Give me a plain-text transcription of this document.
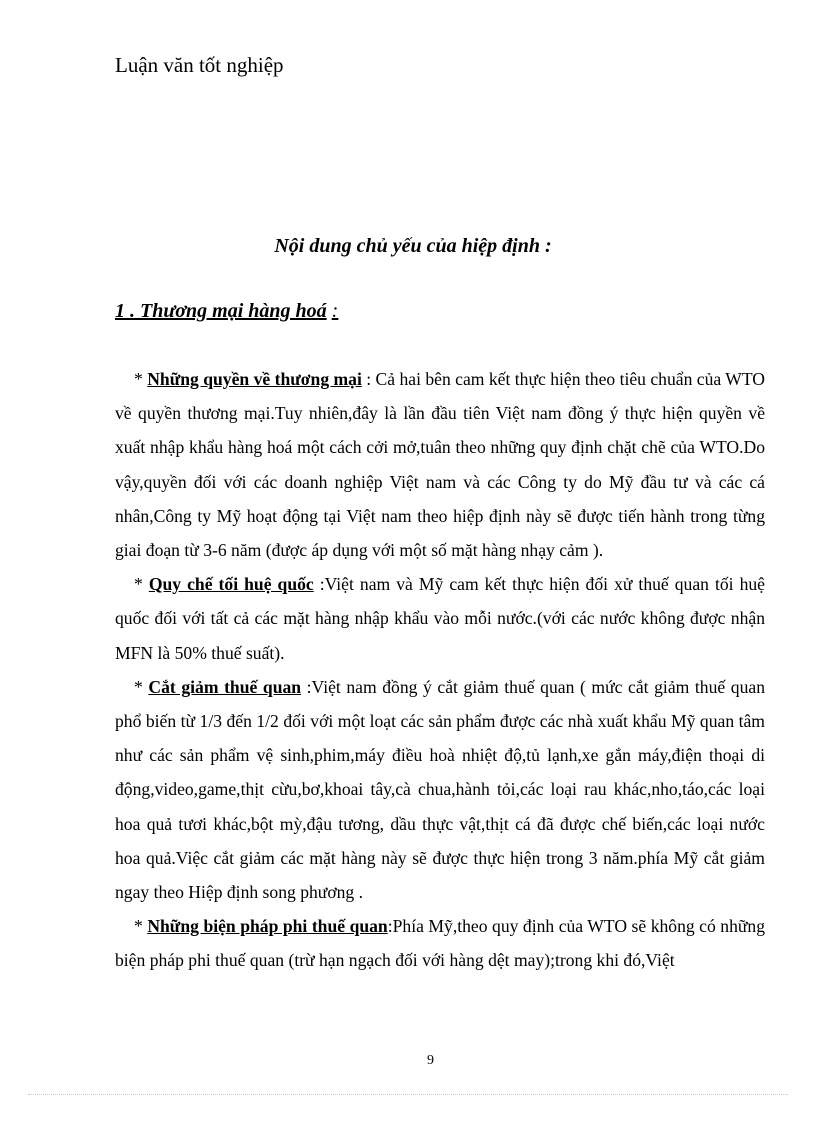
Luận văn tốt nghiệp
Nội dung chủ yếu của hiệp định :
1 . Thương mại hàng hoá :

* Những quyền về thương mại : Cả hai bên cam kết thực hiện theo tiêu chuẩn của WTO về quyền thương mại.Tuy nhiên,đây là lần đầu tiên Việt nam đồng ý thực hiện quyền về xuất nhập khẩu hàng hoá một cách cởi mở,tuân theo những quy định chặt chẽ của WTO.Do vậy,quyền đối với các doanh nghiệp Việt nam và các Công ty do Mỹ đầu tư và các cá nhân,Công ty Mỹ hoạt động tại Việt nam theo hiệp định này sẽ được tiến hành trong từng giai đoạn từ 3-6 năm (được áp dụng với một số mặt hàng nhạy cảm ).

* Quy chế tối huệ quốc :Việt nam và Mỹ cam kết thực hiện đối xử thuế quan tối huệ quốc đối với tất cả các mặt hàng nhập khẩu vào mỗi nước.(với các nước không được nhận MFN là 50% thuế suất).

* Cắt giảm thuế quan :Việt nam đồng ý cắt giảm thuế quan ( mức cắt giảm thuế quan phổ biến từ 1/3 đến 1/2 đối với một loạt các sản phẩm được các nhà xuất khẩu Mỹ quan tâm như các sản phẩm vệ sinh,phim,máy điều hoà nhiệt độ,tủ lạnh,xe gắn máy,điện thoại di động,video,game,thịt cừu,bơ,khoai tây,cà chua,hành tỏi,các loại rau khác,nho,táo,các loại hoa quả tươi khác,bột mỳ,đậu tương, dầu thực vật,thịt cá đã được chế biến,các loại nước hoa quả.Việc cắt giảm các mặt hàng này sẽ được thực hiện trong 3 năm.phía Mỹ cắt giảm ngay theo Hiệp định song phương .

* Những biện pháp phi thuế quan:Phía Mỹ,theo quy định của WTO sẽ không có những biện pháp phi thuế quan (trừ hạn ngạch đối với hàng dệt may);trong khi đó,Việt

9
